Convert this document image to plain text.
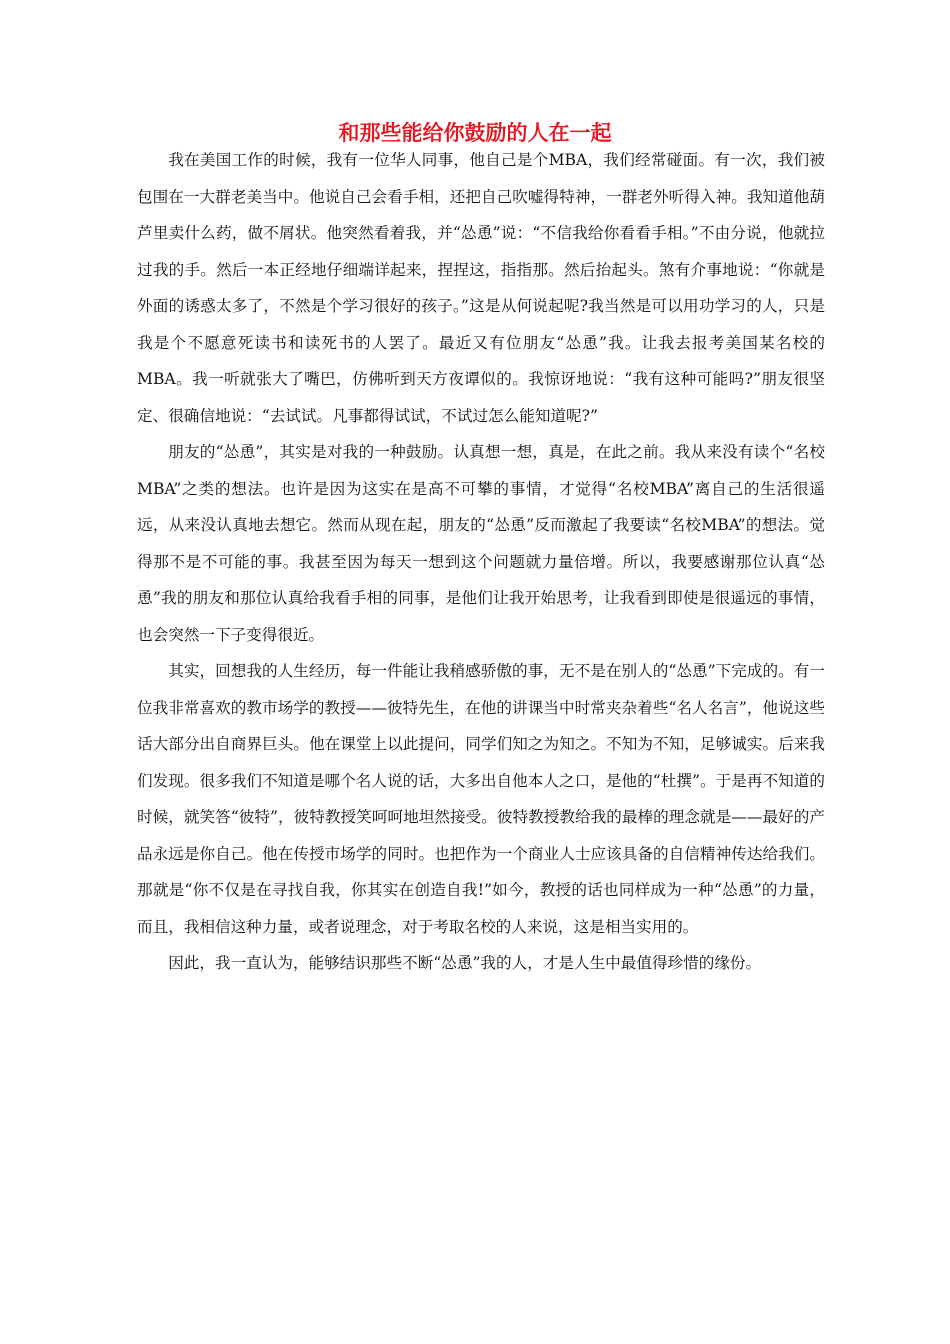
和那些能给你鼓励的人在一起

我在美国工作的时候，我有一位华人同事，他自己是个MBA，我们经常碰面。有一次，我们被包围在一大群老美当中。他说自己会看手相，还把自己吹嘘得特神，一群老外听得入神。我知道他葫芦里卖什么药，做不屑状。他突然看着我，并“怂恿”说：“不信我给你看看手相。”不由分说，他就拉过我的手。然后一本正经地仔细端详起来，捏捏这，指指那。然后抬起头。煞有介事地说：“你就是外面的诱惑太多了，不然是个学习很好的孩子。”这是从何说起呢?我当然是可以用功学习的人，只是我是个不愿意死读书和读死书的人罢了。最近又有位朋友“怂恿”我。让我去报考美国某名校的MBA。我一听就张大了嘴巴，仿佛听到天方夜谭似的。我惊讶地说：“我有这种可能吗?”朋友很坚定、很确信地说：“去试试。凡事都得试试，不试过怎么能知道呢?”

朋友的“怂恿”，其实是对我的一种鼓励。认真想一想，真是，在此之前。我从来没有读个“名校MBA”之类的想法。也许是因为这实在是高不可攀的事情，才觉得“名校MBA”离自己的生活很遥远，从来没认真地去想它。然而从现在起，朋友的“怂恿”反而激起了我要读“名校MBA”的想法。觉得那不是不可能的事。我甚至因为每天一想到这个问题就力量倍增。所以，我要感谢那位认真“怂恿”我的朋友和那位认真给我看手相的同事，是他们让我开始思考，让我看到即使是很遥远的事情，也会突然一下子变得很近。

其实，回想我的人生经历，每一件能让我稍感骄傲的事，无不是在别人的“怂恿”下完成的。有一位我非常喜欢的教市场学的教授——彼特先生，在他的讲课当中时常夹杂着些“名人名言”，他说这些话大部分出自商界巨头。他在课堂上以此提问，同学们知之为知之。不知为不知，足够诚实。后来我们发现。很多我们不知道是哪个名人说的话，大多出自他本人之口，是他的“杜撰”。于是再不知道的时候，就笑答“彼特”，彼特教授笑呵呵地坦然接受。彼特教授教给我的最棒的理念就是——最好的产品永远是你自己。他在传授市场学的同时。也把作为一个商业人士应该具备的自信精神传达给我们。那就是“你不仅是在寻找自我，你其实在创造自我!”如今，教授的话也同样成为一种“怂恿”的力量，而且，我相信这种力量，或者说理念，对于考取名校的人来说，这是相当实用的。

因此，我一直认为，能够结识那些不断“怂恿”我的人，才是人生中最值得珍惜的缘份。
